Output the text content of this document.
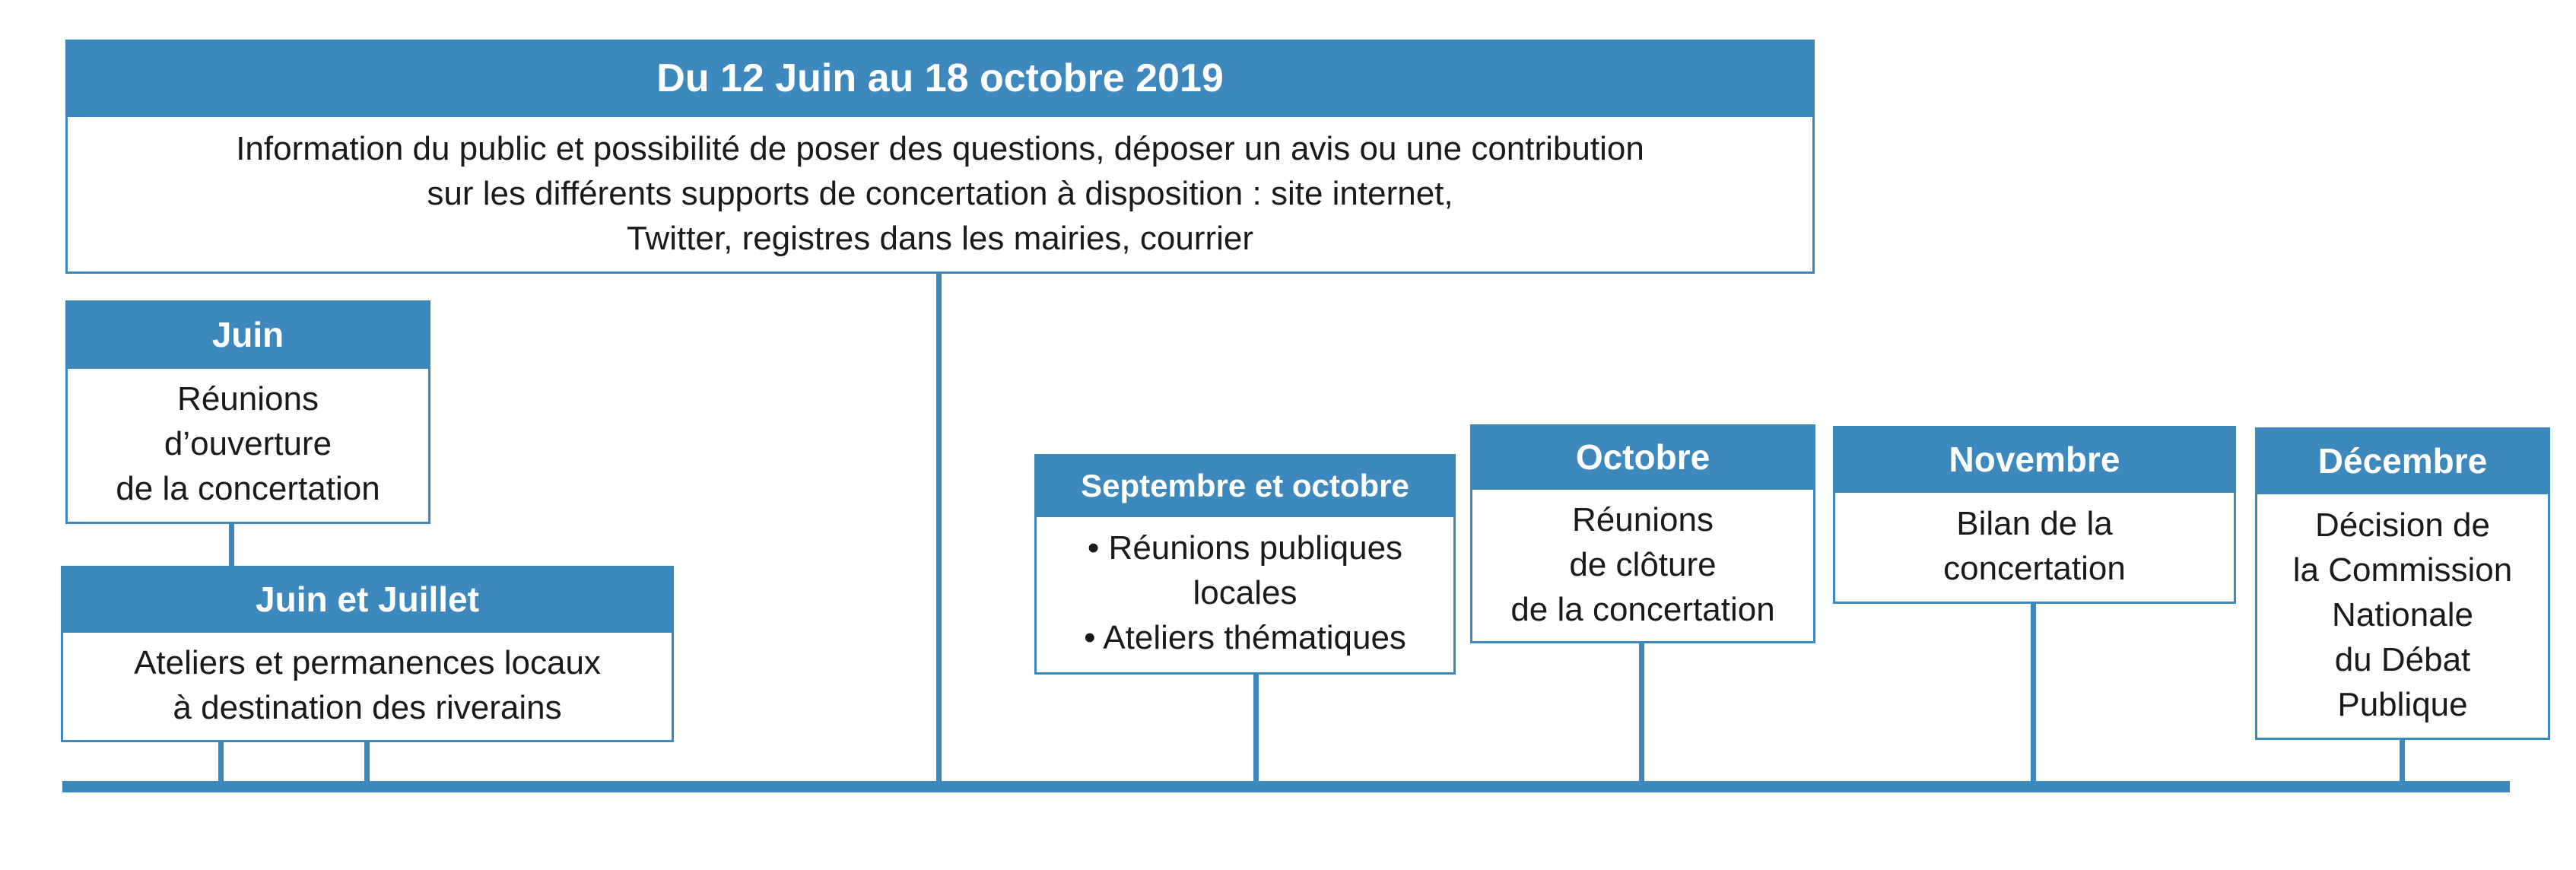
Du 12 Juin au 18 octobre 2019
Information du public et possibilité de poser des questions, déposer un avis ou une contribution
sur les différents supports de concertation à disposition : site internet,
Twitter, registres dans les mairies, courrier
Juin
Réunions
d’ouverture
de la concertation
Juin et Juillet
Ateliers et permanences locaux
à destination des riverains
Septembre et octobre
• Réunions publiques
locales
• Ateliers thématiques
Octobre
Réunions
de clôture
de la concertation
Novembre
Bilan de la
concertation
Décembre
Décision de
la Commission
Nationale
du Débat
Publique
